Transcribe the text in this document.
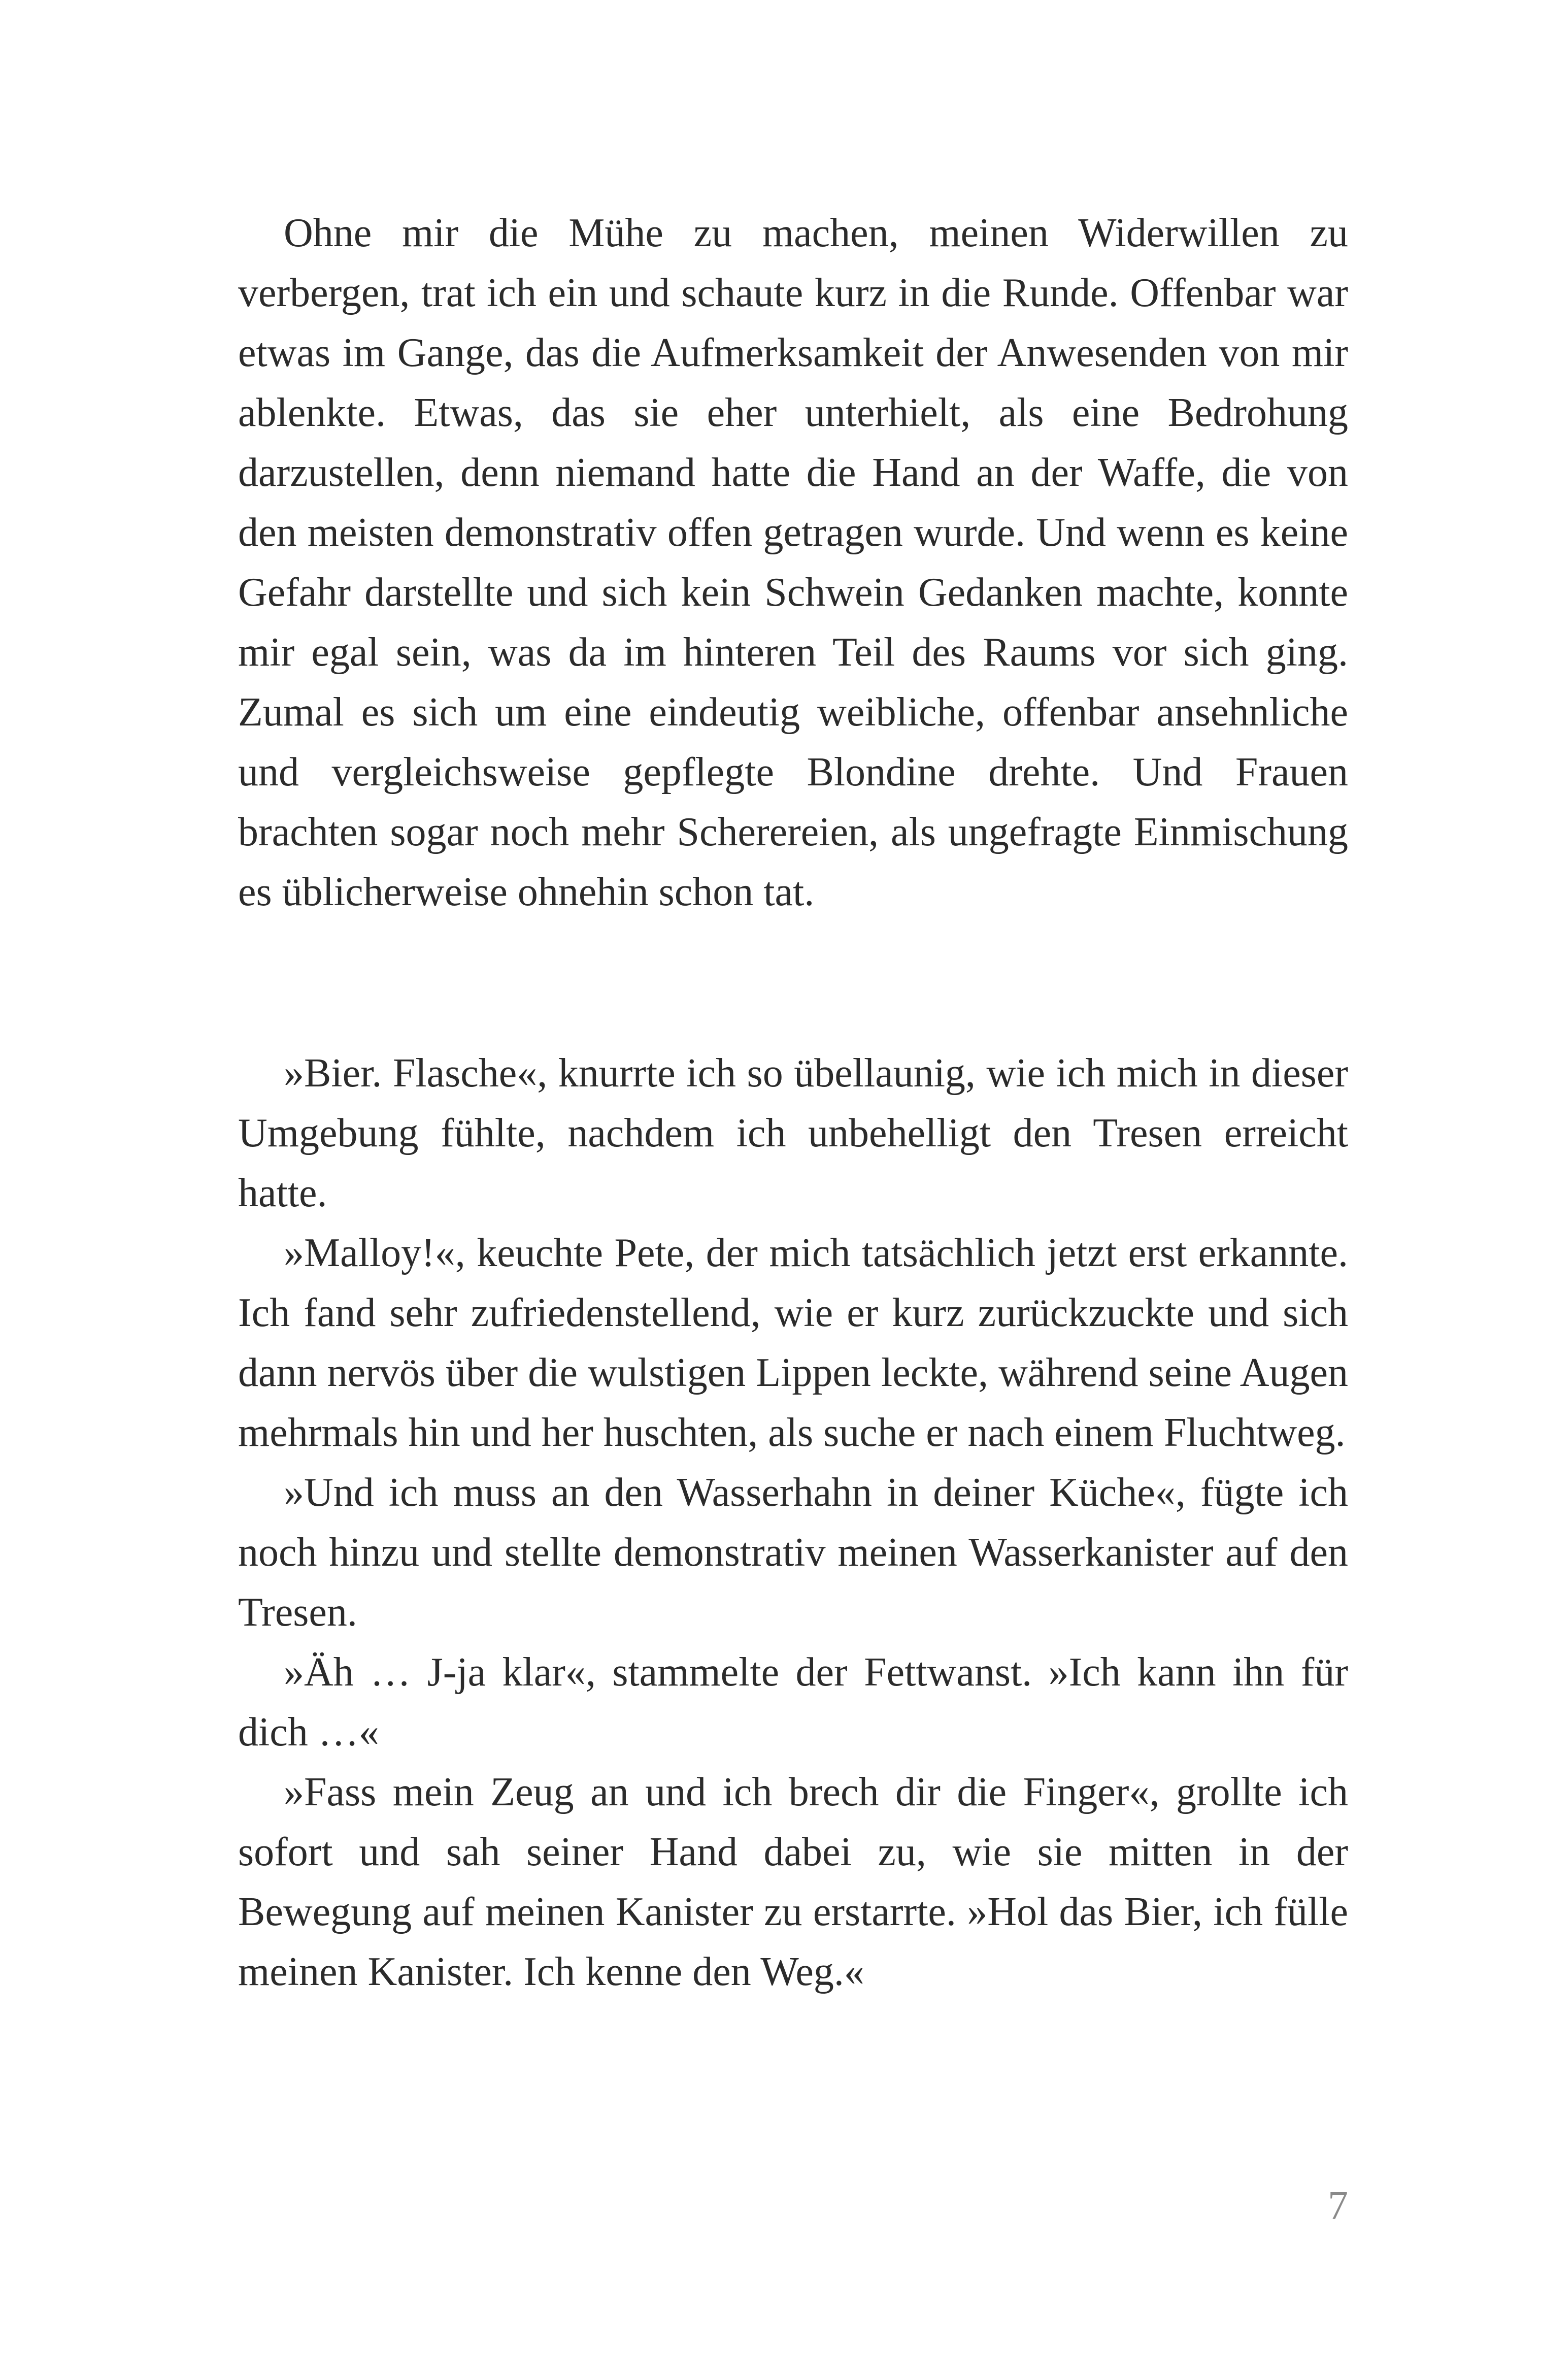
Ohne mir die Mühe zu machen, meinen Widerwillen zu verbergen, trat ich ein und schaute kurz in die Runde. Offenbar war etwas im Gange, das die Aufmerksamkeit der Anwesenden von mir ablenkte. Etwas, das sie eher unterhielt, als eine Bedrohung darzustellen, denn niemand hatte die Hand an der Waffe, die von den meisten demonstrativ offen getragen wurde. Und wenn es keine Gefahr darstellte und sich kein Schwein Gedanken machte, konnte mir egal sein, was da im hinteren Teil des Raums vor sich ging. Zumal es sich um eine eindeutig weibliche, offenbar ansehnliche und vergleichsweise gepflegte Blondine drehte. Und Frauen brachten sogar noch mehr Scherereien, als ungefragte Einmischung es üblicherweise ohnehin schon tat.

»Bier. Flasche«, knurrte ich so übellaunig, wie ich mich in dieser Umgebung fühlte, nachdem ich unbehelligt den Tresen erreicht hatte.

»Malloy!«, keuchte Pete, der mich tatsächlich jetzt erst erkannte. Ich fand sehr zufriedenstellend, wie er kurz zurückzuckte und sich dann nervös über die wulstigen Lippen leckte, während seine Augen mehrmals hin und her huschten, als suche er nach einem Fluchtweg.

»Und ich muss an den Wasserhahn in deiner Küche«, fügte ich noch hinzu und stellte demonstrativ meinen Wasserkanister auf den Tresen.

»Äh … J-ja klar«, stammelte der Fettwanst. »Ich kann ihn für dich …«

»Fass mein Zeug an und ich brech dir die Finger«, grollte ich sofort und sah seiner Hand dabei zu, wie sie mitten in der Bewegung auf meinen Kanister zu erstarrte. »Hol das Bier, ich fülle meinen Kanister. Ich kenne den Weg.«

7
